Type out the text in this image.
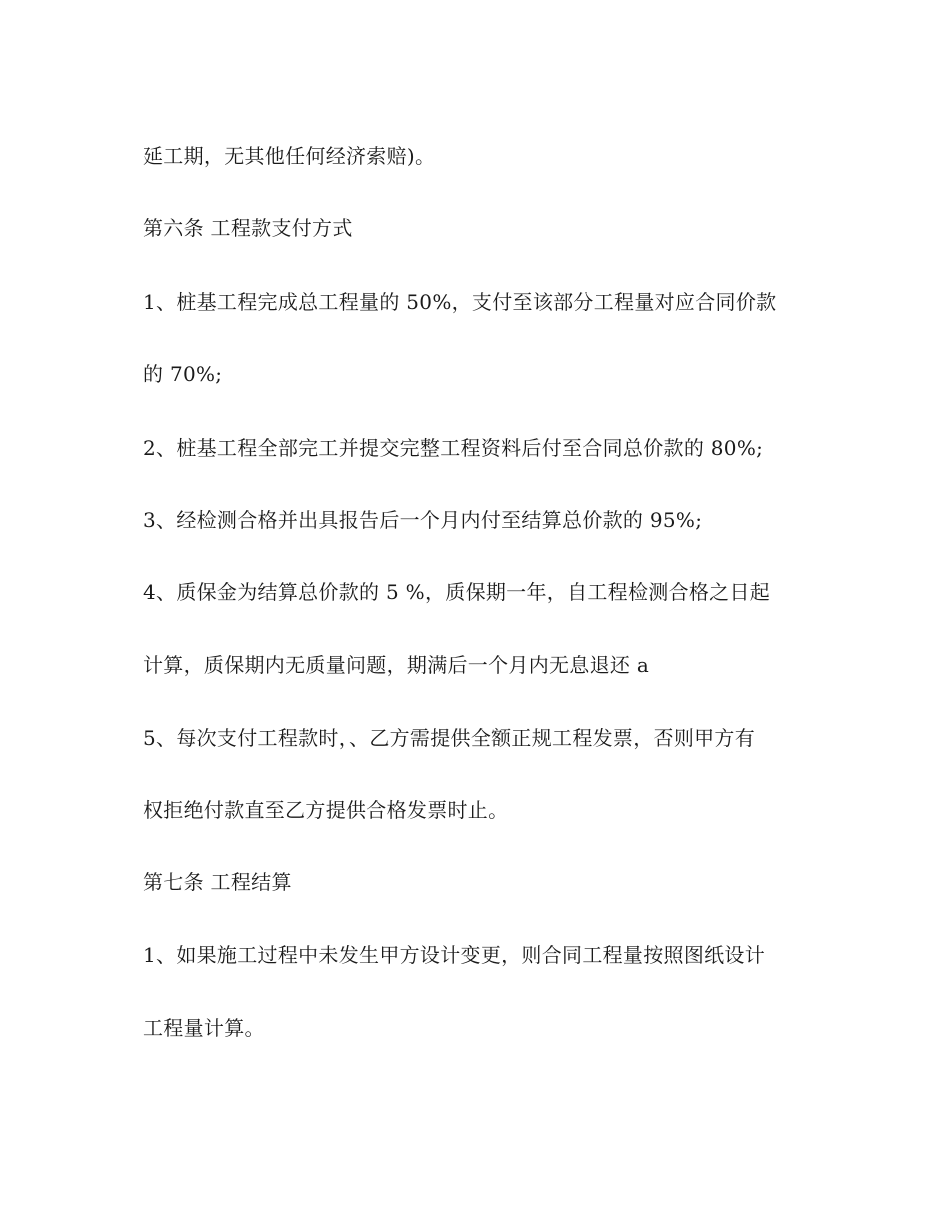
延工期，无其他任何经济索赔)。

第六条 工程款支付方式

1、桩基工程完成总工程量的 50%，支付至该部分工程量对应合同价款

的 70%;

2、桩基工程全部完工并提交完整工程资料后付至合同总价款的 80%;

3、经检测合格并出具报告后一个月内付至结算总价款的 95%;

4、质保金为结算总价款的 5 %，质保期一年，自工程检测合格之日起

计算，质保期内无质量问题，期满后一个月内无息退还 a

5、每次支付工程款时，、乙方需提供全额正规工程发票，否则甲方有

权拒绝付款直至乙方提供合格发票时止。

第七条 工程结算

1、如果施工过程中未发生甲方设计变更，则合同工程量按照图纸设计

工程量计算。
